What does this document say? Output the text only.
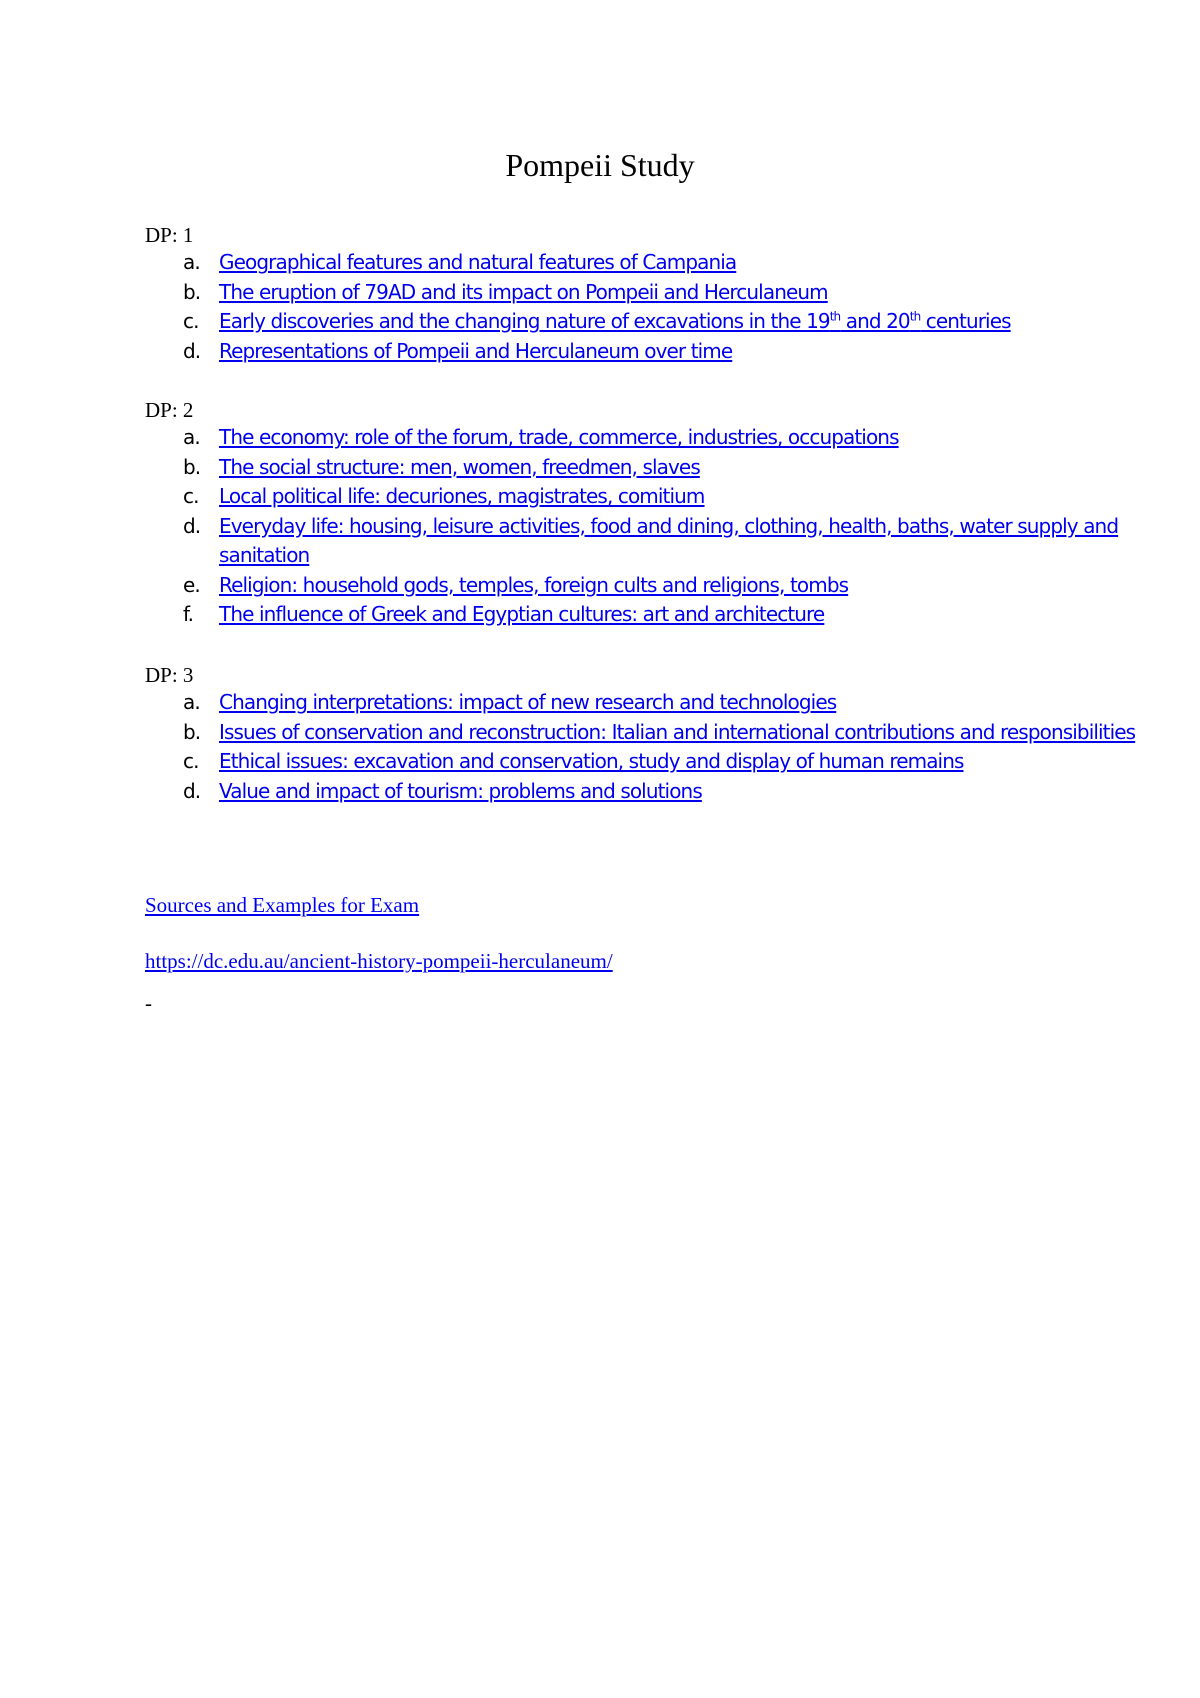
Pompeii Study
DP: 1
a. Geographical features and natural features of Campania
b. The eruption of 79AD and its impact on Pompeii and Herculaneum
c.	Early discoveries and the changing nature of excavations in the 19th and 20th centuries
d. Representations of Pompeii and Herculaneum over time
DP: 2
a. The economy: role of the forum, trade, commerce, industries, occupations
b. The social structure: men, women, freedmen, slaves
c.	Local political life: decuriones, magistrates, comitium
d. Everyday life: housing, leisure activities, food and dining, clothing, health, baths, water supply and sanitation
e. Religion: household gods, temples, foreign cults and religions, tombs
f.	The influence of Greek and Egyptian cultures: art and architecture
DP: 3
a. Changing interpretations: impact of new research and technologies
b. Issues of conservation and reconstruction: Italian and international contributions and responsibilities
c.	Ethical issues: excavation and conservation, study and display of human remains
d. Value and impact of tourism: problems and solutions
Sources and Examples for Exam
https://dc.edu.au/ancient-history-pompeii-herculaneum/
-
